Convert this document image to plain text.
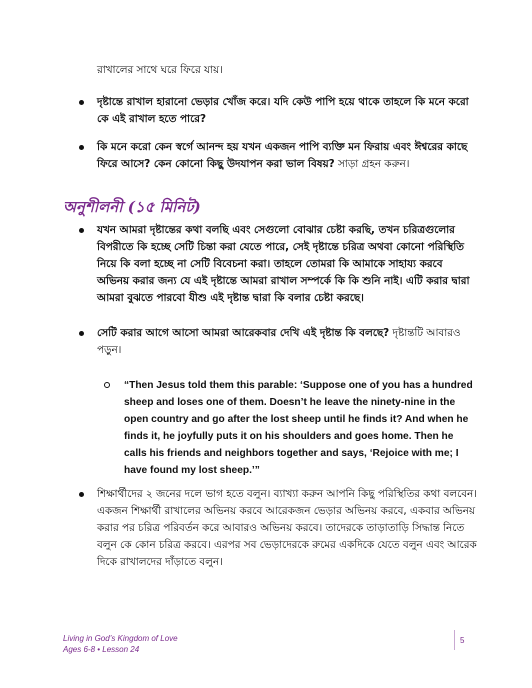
রাখালের সাথে ঘরে ফিরে যায়।
দৃষ্টান্তে রাখাল হারানো ভেড়ার খোঁজ করে। যদি কেউ পাপি হয়ে থাকে তাহলে কি মনে করো কে এই রাখাল হতে পারে?
কি মনে করো কেন স্বর্গে আনন্দ হয় যখন একজন পাপি ব্যক্তি মন ফিরায় এবং ঈশ্বরের কাছে ফিরে আসে? কেন কোনো কিছু উদযাপন করা ভাল বিষয়? সাড়া গ্রহন করুন।
অনুশীলনী (১৫ মিনিট)
যখন আমরা দৃষ্টান্তের কথা বলছি এবং সেগুলো বোঝার চেষ্টা করছি, তখন চরিত্রগুলোর বিপরীতে কি হচ্ছে সেটি চিন্তা করা যেতে পারে, সেই দৃষ্টান্তে চরিত্র অথবা কোনো পরিস্থিতি নিয়ে কি বলা হচ্ছে না সেটি বিবেচনা করা। তাহলে তোমরা কি আমাকে সাহায্য করবে অভিনয় করার জন্য যে এই দৃষ্টান্তে আমরা রাখাল সম্পর্কে কি কি শুনি নাই। এটি করার দ্বারা আমরা বুঝতে পারবো যীশু এই দৃষ্টান্ত দ্বারা কি বলার চেষ্টা করছে।
সেটি করার আগে আসো আমরা আরেকবার দেখি এই দৃষ্টান্ত কি বলছে? দৃষ্টান্তটি আবারও পড়ুন।
“Then Jesus told them this parable: ‘Suppose one of you has a hundred sheep and loses one of them. Doesn’t he leave the ninety-nine in the open country and go after the lost sheep until he finds it? And when he finds it, he joyfully puts it on his shoulders and goes home. Then he calls his friends and neighbors together and says, ‘Rejoice with me; I have found my lost sheep.’”
শিক্ষার্থীদের ২ জনের দলে ভাগ হতে বলুন। ব্যাখ্যা করুন আপনি কিছু পরিস্থিতির কথা বলবেন। একজন শিক্ষার্থী রাখালের অভিনয় করবে আরেকজন ভেড়ার অভিনয় করবে, একবার অভিনয় করার পর চরিত্র পরিবর্তন করে আবারও অভিনয় করবে। তাদেরকে তাড়াতাড়ি সিদ্ধান্ত নিতে বলুন কে কোন চরিত্র করবে। এরপর সব ভেড়াদেরকে রুমের একদিকে যেতে বলুন এবং আরেক দিকে রাখালদের দাঁড়াতে বলুন।
Living in God’s Kingdom of Love
Ages 6-8 • Lesson 24
5
